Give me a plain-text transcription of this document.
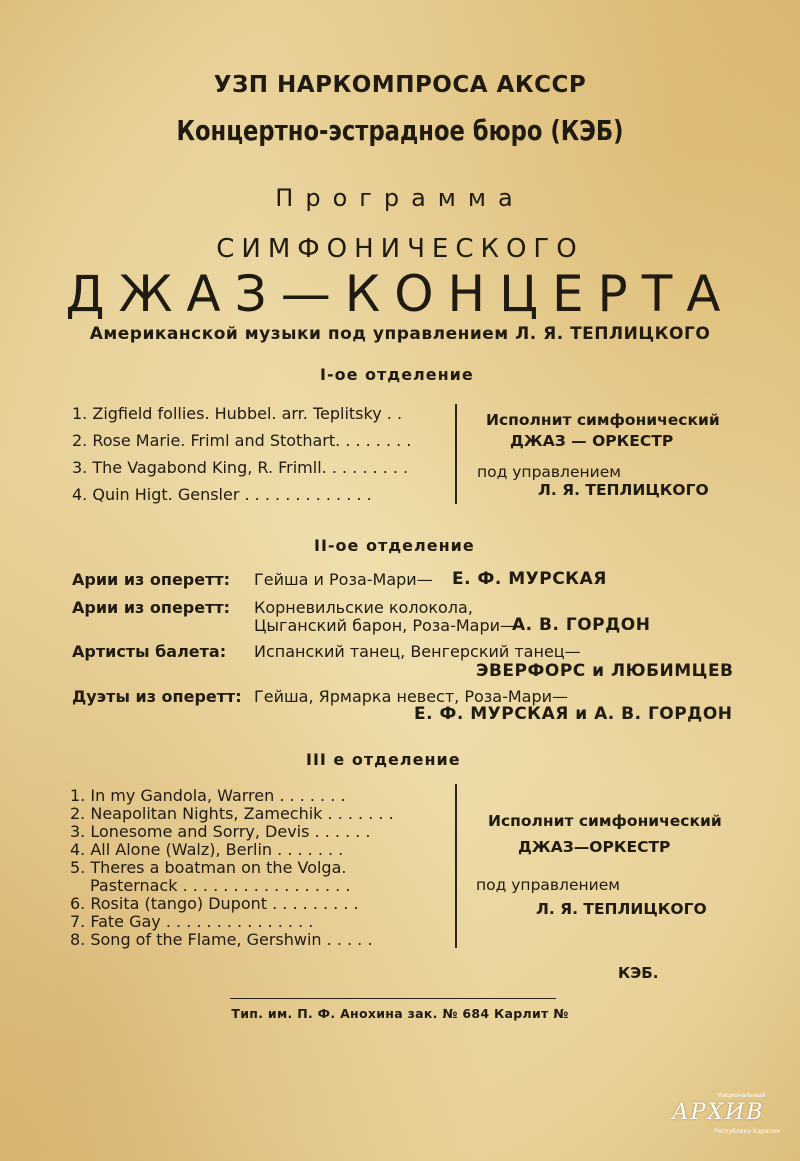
УЗП НАРКОМПРОСА АКССР
Концертно-эстрадное бюро (КЭБ)
Программа
СИМФОНИЧЕСКОГО
ДЖАЗ—КОНЦЕРТА
Американской музыки под управлением Л. Я. ТЕПЛИЦКОГО
I-ое отделение
1. Zigfield follies. Hubbel. arr. Teplitsky . .
2. Rose Marie. Friml and Stothart. . . . . . . .
3. The Vagabond King, R. Frimll. . . . . . . . .
4. Quin Higt. Gensler . . . . . . . . . . . . .
Исполнит симфонический
ДЖАЗ — ОРКЕСТР
под управлением
Л. Я. ТЕПЛИЦКОГО
II-ое отделение
Арии из оперетт: Гейша и Роза-Мари— Е. Ф. МУРСКАЯ
Арии из оперетт: Корневильские колокола,
Цыганский барон, Роза-Мари—
А. В. ГОРДОН
Артисты балета: Испанский танец, Венгерский танец—
ЭВЕРФОРС и ЛЮБИМЦЕВ
Дуэты из оперетт: Гейша, Ярмарка невест, Роза-Мари—
Е. Ф. МУРСКАЯ и А. В. ГОРДОН
III е отделение
1. In my Gandola, Warren . . . . . . .
2. Neapolitan Nights, Zamechik . . . . . . .
3. Lonesome and Sorry, Devis . . . . . .
4. All Alone (Walz), Berlin . . . . . . .
5. Theres a boatman on the Volga.
Pasternack . . . . . . . . . . . . . . . . .
6. Rosita (tango) Dupont . . . . . . . . .
7. Fate Gay . . . . . . . . . . . . . . .
8. Song of the Flame, Gershwin . . . . .
Исполнит симфонический
ДЖАЗ—ОРКЕСТР
под управлением
Л. Я. ТЕПЛИЦКОГО
КЭБ.
Тип. им. П. Ф. Анохина зак. № 684 Карлит №
Национальный
АРХИВ
Республики Карелия
